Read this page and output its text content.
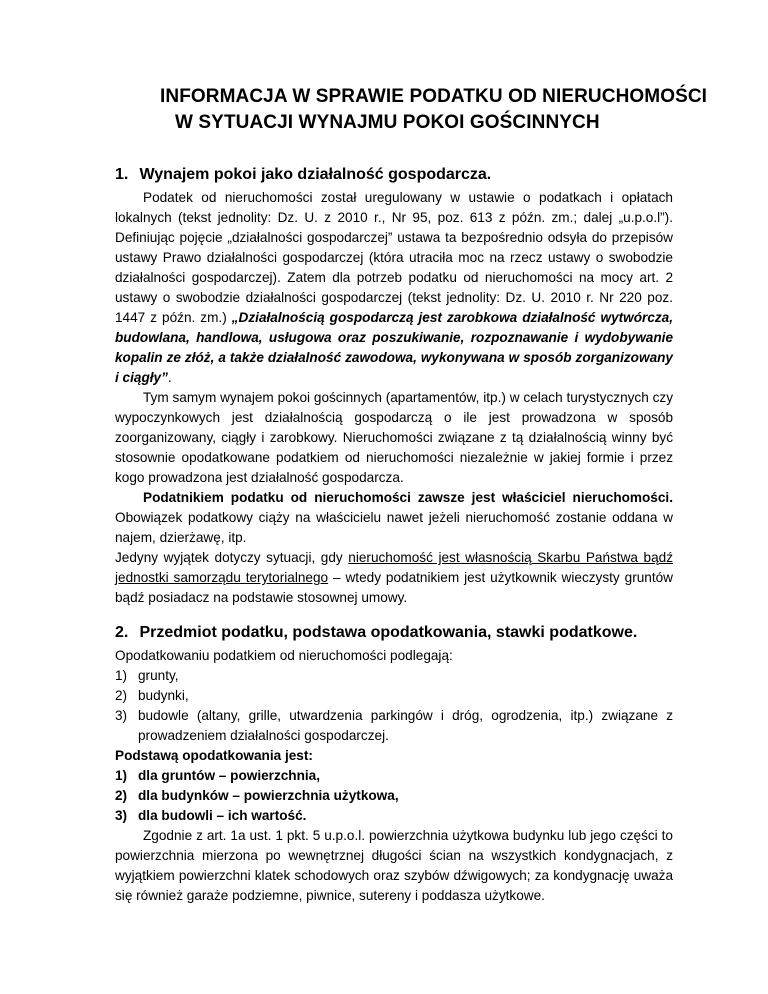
INFORMACJA W SPRAWIE PODATKU OD NIERUCHOMOŚCI
W SYTUACJI WYNAJMU POKOI GOŚCINNYCH
1. Wynajem pokoi jako działalność gospodarcza.
Podatek od nieruchomości został uregulowany w ustawie o podatkach i opłatach
lokalnych (tekst jednolity: Dz. U. z 2010 r., Nr 95, poz. 613 z późn. zm.; dalej „u.p.o.l”).
Definiując pojęcie „działalności gospodarczej” ustawa ta bezpośrednio odsyła do przepisów
ustawy Prawo działalności gospodarczej (która utraciła moc na rzecz ustawy o swobodzie
działalności gospodarczej). Zatem dla potrzeb podatku od nieruchomości na mocy art. 2
ustawy o swobodzie działalności gospodarczej (tekst jednolity: Dz. U. 2010 r. Nr 220 poz.
1447 z późn. zm.) „Działalnością gospodarczą jest zarobkowa działalność wytwórcza,
budowlana, handlowa, usługowa oraz poszukiwanie, rozpoznawanie i wydobywanie
kopalin ze złóż, a także działalność zawodowa, wykonywana w sposób zorganizowany
i ciągły”.
Tym samym wynajem pokoi gościnnych (apartamentów, itp.) w celach turystycznych czy
wypoczynkowych jest działalnością gospodarczą o ile jest prowadzona w sposób
zoorganizowany, ciągły i zarobkowy. Nieruchomości związane z tą działalnością winny być
stosownie opodatkowane podatkiem od nieruchomości niezależnie w jakiej formie i przez
kogo prowadzona jest działalność gospodarcza.
Podatnikiem podatku od nieruchomości zawsze jest właściciel nieruchomości.
Obowiązek podatkowy ciąży na właścicielu nawet jeżeli nieruchomość zostanie oddana w
najem, dzierżawę, itp.
Jedyny wyjątek dotyczy sytuacji, gdy nieruchomość jest własnością Skarbu Państwa bądź
jednostki samorządu terytorialnego – wtedy podatnikiem jest użytkownik wieczysty gruntów
bądź posiadacz na podstawie stosownej umowy.
2. Przedmiot podatku, podstawa opodatkowania, stawki podatkowe.
Opodatkowaniu podatkiem od nieruchomości podlegają:
1) grunty,
2) budynki,
3) budowle (altany, grille, utwardzenia parkingów i dróg, ogrodzenia, itp.) związane z
prowadzeniem działalności gospodarczej.
Podstawą opodatkowania jest:
1) dla gruntów – powierzchnia,
2) dla budynków – powierzchnia użytkowa,
3) dla budowli – ich wartość.
Zgodnie z art. 1a ust. 1 pkt. 5 u.p.o.l. powierzchnia użytkowa budynku lub jego części to
powierzchnia mierzona po wewnętrznej długości ścian na wszystkich kondygnacjach, z
wyjątkiem powierzchni klatek schodowych oraz szybów dźwigowych; za kondygnację uważa
się również garaże podziemne, piwnice, sutereny i poddasza użytkowe.
